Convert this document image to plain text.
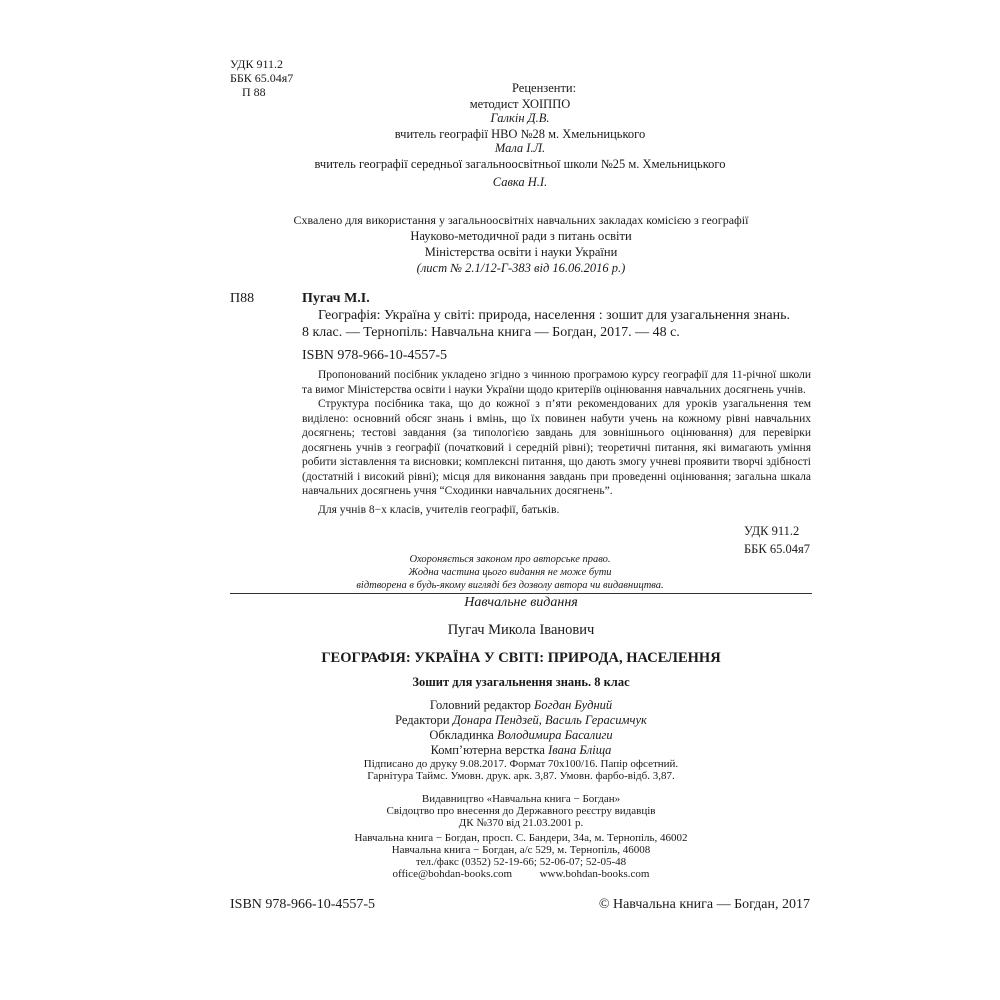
УДК 911.2
ББК 65.04я7
П 88	Рецензенти:
методист ХОІППО
Галкін Д.В.
вчитель географії НВО №28 м. Хмельницького
Мала І.Л.
вчитель географії середньої загальноосвітньої школи №25 м. Хмельницького
Савка Н.І.
Схвалено для використання у загальноосвітніх навчальних закладах комісією з географії
Науково-методичної ради з питань освіти
Міністерства освіти і науки України
(лист № 2.1/12-Г-383 від 16.06.2016 р.)
П88	Пугач М.І.
Географія: Україна у світі: природа, населення : зошит для узагальнення знань.
8 клас. — Тернопіль: Навчальна книга — Богдан, 2017. — 48 с.
ISBN 978-966-10-4557-5

Пропонований посібник укладено згідно з чинною програмою курсу географії для 11-річної школи та вимог Міністерства освіти і науки України щодо критеріїв оцінювання навчальних досягнень учнів.

Структура посібника така, що до кожної з п’яти рекомендованих для уроків узагальнення тем виділено: основний обсяг знань і вмінь, що їх повинен набути учень на кожному рівні навчальних досягнень; тестові завдання (за типологією завдань для зовнішнього оцінювання) для перевірки досягнень учнів з географії (початковий і середній рівні); теоретичні питання, які вимагають уміння робити зіставлення та висновки; комплексні питання, що дають змогу учневі проявити творчі здібності (достатній і високий рівні); місця для виконання завдань при проведенні оцінювання; загальна шкала навчальних досягнень учня “Сходинки навчальних досягнень”.

Для учнів 8−х класів, учителів географії, батьків.

УДК 911.2
ББК 65.04я7
Охороняється законом про авторське право.
Жодна частина цього видання не може бути
відтворена в будь-якому вигляді без дозволу автора чи видавництва.
Навчальне видання
Пугач Микола Іванович
ГЕОГРАФІЯ: УКРАЇНА У СВІТІ: ПРИРОДА, НАСЕЛЕННЯ
Зошит для узагальнення знань. 8 клас
Головний редактор Богдан Будний
Редактори Донара Пендзей, Василь Герасимчук
Обкладинка Володимира Басалиги
Комп’ютерна верстка Івана Бліщa
Підписано до друку 9.08.2017. Формат 70х100/16. Папір офсетний.
Гарнітура Таймс. Умовн. друк. арк. 3,87. Умовн. фарбо-відб. 3,87.
Видавництво «Навчальна книга − Богдан»
Свідоцтво про внесення до Державного реєстру видавців
ДК №370 від 21.03.2001 р.
Навчальна книга − Богдан, просп. С. Бандери, 34а, м. Тернопіль, 46002
Навчальна книга − Богдан, а/с 529, м. Тернопіль, 46008
тел./факс (0352) 52-19-66; 52-06-07; 52-05-48
office@bohdan-books.com	www.bohdan-books.com
ISBN 978-966-10-4557-5	© Навчальна книга — Богдан, 2017
